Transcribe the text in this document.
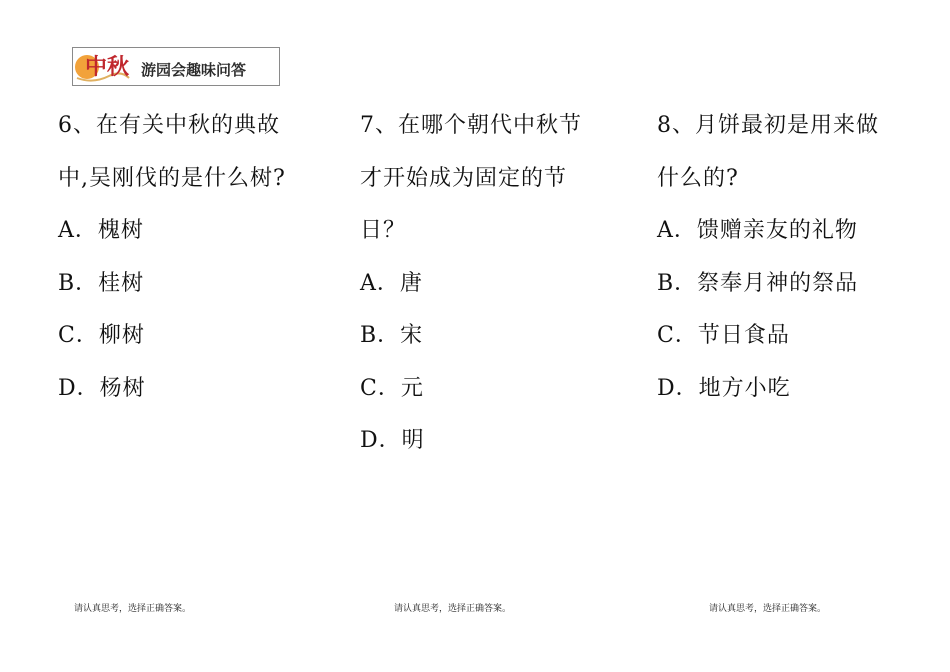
中秋 游园会趣味问答
6、在有关中秋的典故
中,吴刚伐的是什么树?
A．槐树
B．桂树
C．柳树
D．杨树
7、在哪个朝代中秋节
才开始成为固定的节
日？
A．唐
B．宋
C．元
D．明
8、月饼最初是用来做
什么的?
A．馈赠亲友的礼物
B．祭奉月神的祭品
C．节日食品
D．地方小吃
请认真思考，选择正确答案。	请认真思考，选择正确答案。	请认真思考，选择正确答案。
